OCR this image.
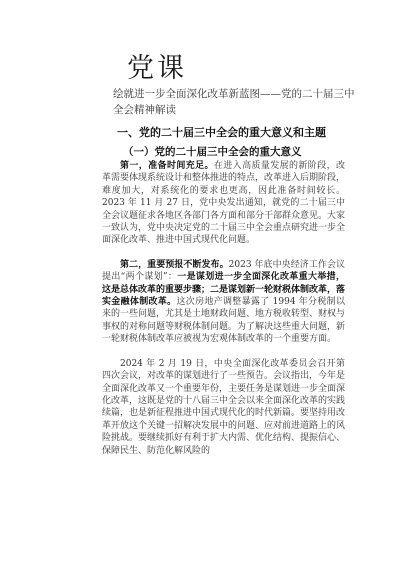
党课
绘就进一步全面深化改革新蓝图——党的二十届三中全会精神解读
一、党的二十届三中全会的重大意义和主题
（一）党的二十届三中全会的重大意义

第一，准备时间充足。在进入高质量发展的新阶段，改革需要体现系统设计和整体推进的特点，改革进入后期阶段，难度加大，对系统化的要求也更高，因此准备时间较长。2023 年 11 月 27 日，党中央发出通知，就党的二十届三中全会议题征求各地区各部门各方面和部分干部群众意见。大家一致认为，党中央决定党的二十届三中全会重点研究进一步全面深化改革、推进中国式现代化问题。

第二，重要预报不断发布。2023 年底中央经济工作会议提出“两个谋划”：一是谋划进一步全面深化改革重大举措，这是总体改革的重要步骤；二是谋划新一轮财税体制改革，落实金融体制改革。这次房地产调整暴露了 1994 年分税制以来的一些问题，尤其是土地财政问题、地方税收转型、财权与事权的对称问题等财税体制问题。为了解决这些重大问题，新一轮财税体制改革应被视为宏观体制改革的一个重要方面。

2024 年 2 月 19 日，中央全面深化改革委员会召开第四次会议，对改革的谋划进行了一些预告。会议指出，今年是全面深化改革又一个重要年份，主要任务是谋划进一步全面深化改革，这既是党的十八届三中全会以来全面深化改革的实践续篇，也是新征程推进中国式现代化的时代新篇。要坚持用改革开放这个关键一招解决发展中的问题、应对前进道路上的风险挑战。要继续抓好有利于扩大内需、优化结构、提振信心、保障民生、防范化解风险的
